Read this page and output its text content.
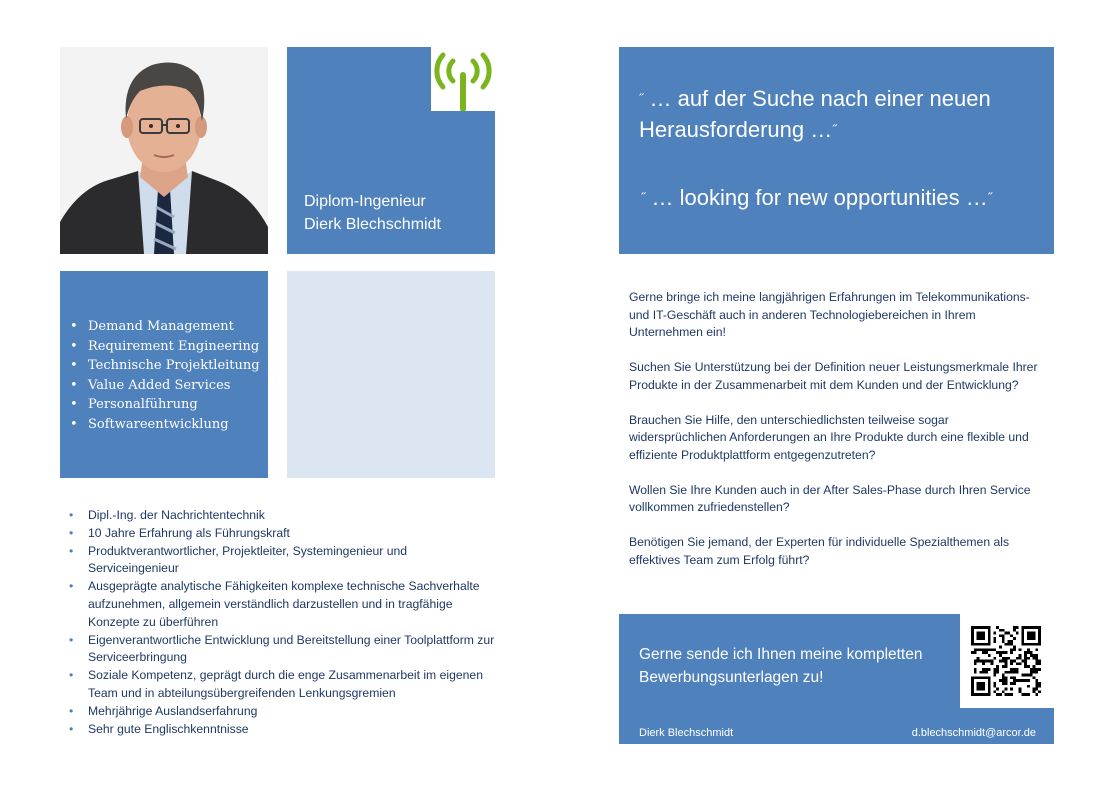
Diplom-Ingenieur
Dierk Blechschmidt
• Demand Management
• Requirement Engineering
• Technische Projektleitung
• Value Added Services
• Personalführung
• Softwareentwicklung
• Dipl.-Ing. der Nachrichtentechnik
• 10 Jahre Erfahrung als Führungskraft
• Produktverantwortlicher, Projektleiter, Systemingenieur und Serviceingenieur
• Ausgeprägte analytische Fähigkeiten komplexe technische Sachverhalte aufzunehmen, allgemein verständlich darzustellen und in tragfähige Konzepte zu überführen
• Eigenverantwortliche Entwicklung und Bereitstellung einer Toolplattform zur Serviceerbringung
• Soziale Kompetenz, geprägt durch die enge Zusammenarbeit im eigenen Team und in abteilungsübergreifenden Lenkungsgremien
• Mehrjährige Auslandserfahrung
• Sehr gute Englischkenntnisse
˝ … auf der Suche nach einer neuen Herausforderung …˝
˝ … looking for new opportunities …˝

Gerne bringe ich meine langjährigen Erfahrungen im Telekommunikations- und IT-Geschäft auch in anderen Technologiebereichen in Ihrem Unternehmen ein!

Suchen Sie Unterstützung bei der Definition neuer Leistungsmerkmale Ihrer Produkte in der Zusammenarbeit mit dem Kunden und der Entwicklung?

Brauchen Sie Hilfe, den unterschiedlichsten teilweise sogar widersprüchlichen Anforderungen an Ihre Produkte durch eine flexible und effiziente Produktplattform entgegenzutreten?

Wollen Sie Ihre Kunden auch in der After Sales-Phase durch Ihren Service vollkommen zufriedenstellen?

Benötigen Sie jemand, der Experten für individuelle Spezialthemen als effektives Team zum Erfolg führt?

Gerne sende ich Ihnen meine kompletten Bewerbungsunterlagen zu!
Dierk Blechschmidt	d.blechschmidt@arcor.de
